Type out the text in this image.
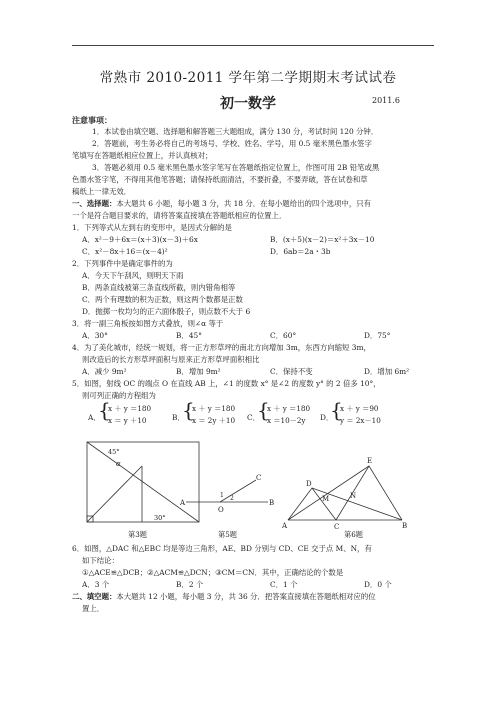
常熟市 2010-2011 学年第二学期期末考试试卷
初一数学	2011.6
注意事项：
1．本试卷由填空题、选择题和解答题三大题组成，满分 130 分，考试时间 120 分钟．
2．答题前，考生务必将自己的考场号、学校、姓名、学号，用 0.5 毫米黑色墨水签字
笔填写在答题纸相应位置上，并认真核对；
3．答题必须用 0.5 毫米黑色墨水签字笔写在答题纸指定位置上，作图可用 2B 铅笔或黑
色墨水签字笔，不得用其他笔答题；请保持纸面清洁，不要折叠，不要弄破，答在试卷和草
稿纸上一律无效．
一、选择题：本大题共 6 小题，每小题 3 分，共 18 分．在每小题给出的四个选项中，只有
一个是符合题目要求的，请将答案直接填在答题纸相应的位置上．
1．下列等式从左到右的变形中，是因式分解的是
A．x²－9＋6x＝(x＋3)(x－3)＋6x	B．(x＋5)(x－2)＝x²＋3x－10
C．x²－8x＋16＝(x－4)²	D．6ab＝2a・3b
2．下列事件中是确定事件的为
A．今天下午刮风，则明天下雨
B．两条直线被第三条直线所截，则内错角相等
C．两个有理数的积为正数，则这两个数都是正数
D．抛掷一枚均匀的正六面体骰子，则点数不大于 6
3．将一副三角板按如图方式叠放，则∠α 等于
A．30°	B．45°	C．60°	D．75°
4．为了美化城市，经统一规划，将一正方形草坪的南北方向增加 3m，东西方向缩短 3m，
则改造后的长方形草坪面积与原来正方形草坪面积相比
A．减少 9m²	B．增加 9m²	C．保持不变	D．增加 6m²
5．如图，射线 OC 的端点 O 在直线 AB 上，∠1 的度数 x° 是∠2 的度数 y° 的 2 倍多 10°，
则可列正确的方程组为
A．
{
x ＋ y ＝180
x ＝ y ＋10	B．
{
x ＋ y ＝180
x ＝ 2y ＋10 C．
{
x ＋ y ＝180
x ＝10－2y D．
{
x ＋ y ＝90
y ＝ 2x－10
45°
α
30°
第3题
A	B
C
O
1 2
第5题
A	B
C
D
E
M	N
第6题
6．如图，△DAC 和△EBC 均是等边三角形，AE、BD 分别与 CD、CE 交于点 M、N，有
如下结论：
①△ACE≌△DCB；②△ACM≌△DCN；③CM＝CN．其中，正确结论的个数是
A．3 个	B．2 个	C．1 个	D．0 个
二、填空题：本大题共 12 小题，每小题 3 分，共 36 分．把答案直接填在答题纸相对应的位
置上．
